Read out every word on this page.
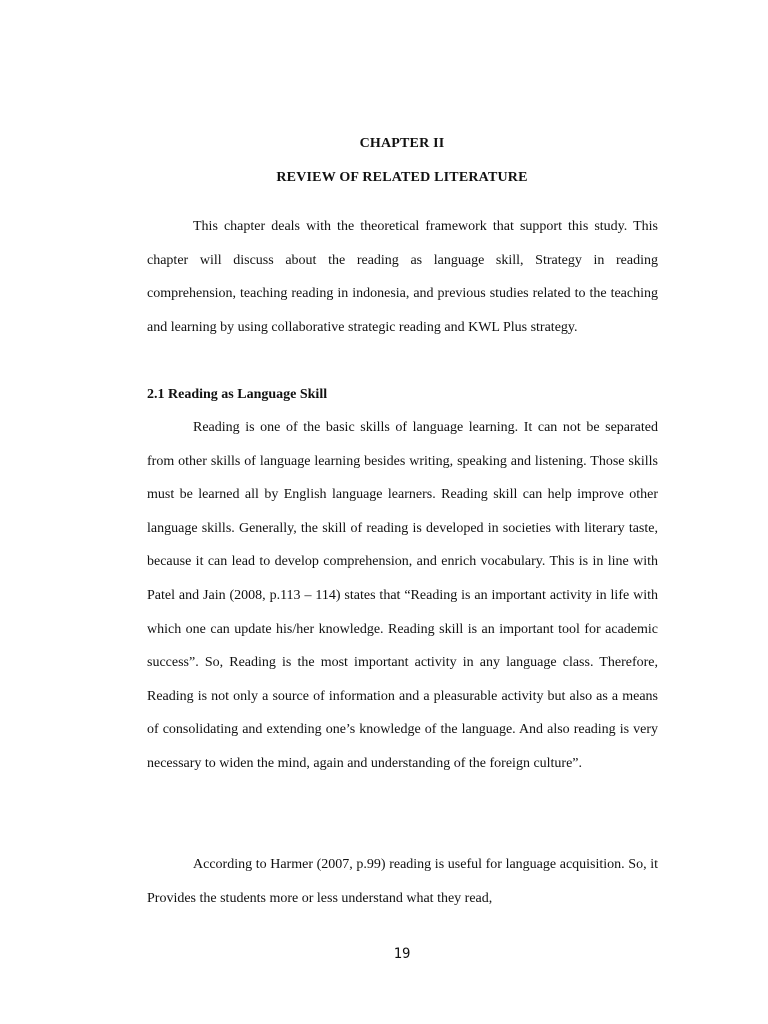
CHAPTER II
REVIEW OF RELATED LITERATURE

This chapter deals with the theoretical framework that support this study. This chapter will discuss about the reading as language skill, Strategy in reading comprehension, teaching reading in indonesia, and previous studies related to the teaching and learning by using collaborative strategic reading and KWL Plus strategy.

2.1 Reading as Language Skill

Reading is one of the basic skills of language learning. It can not be separated from other skills of language learning besides writing, speaking and listening. Those skills must be learned all by English language learners. Reading skill can help improve other language skills. Generally, the skill of reading is developed in societies with literary taste, because it can lead to develop comprehension, and enrich vocabulary. This is in line with Patel and Jain (2008, p.113 – 114) states that “Reading is an important activity in life with which one can update his/her knowledge. Reading skill is an important tool for academic success”. So, Reading is the most important activity in any language class. Therefore, Reading is not only a source of information and a pleasurable activity but also as a means of consolidating and extending one’s knowledge of the language. And also reading is very necessary to widen the mind, again and understanding of the foreign culture”.

According to Harmer (2007, p.99) reading is useful for language acquisition. So, it Provides the students more or less understand what they read,

19
